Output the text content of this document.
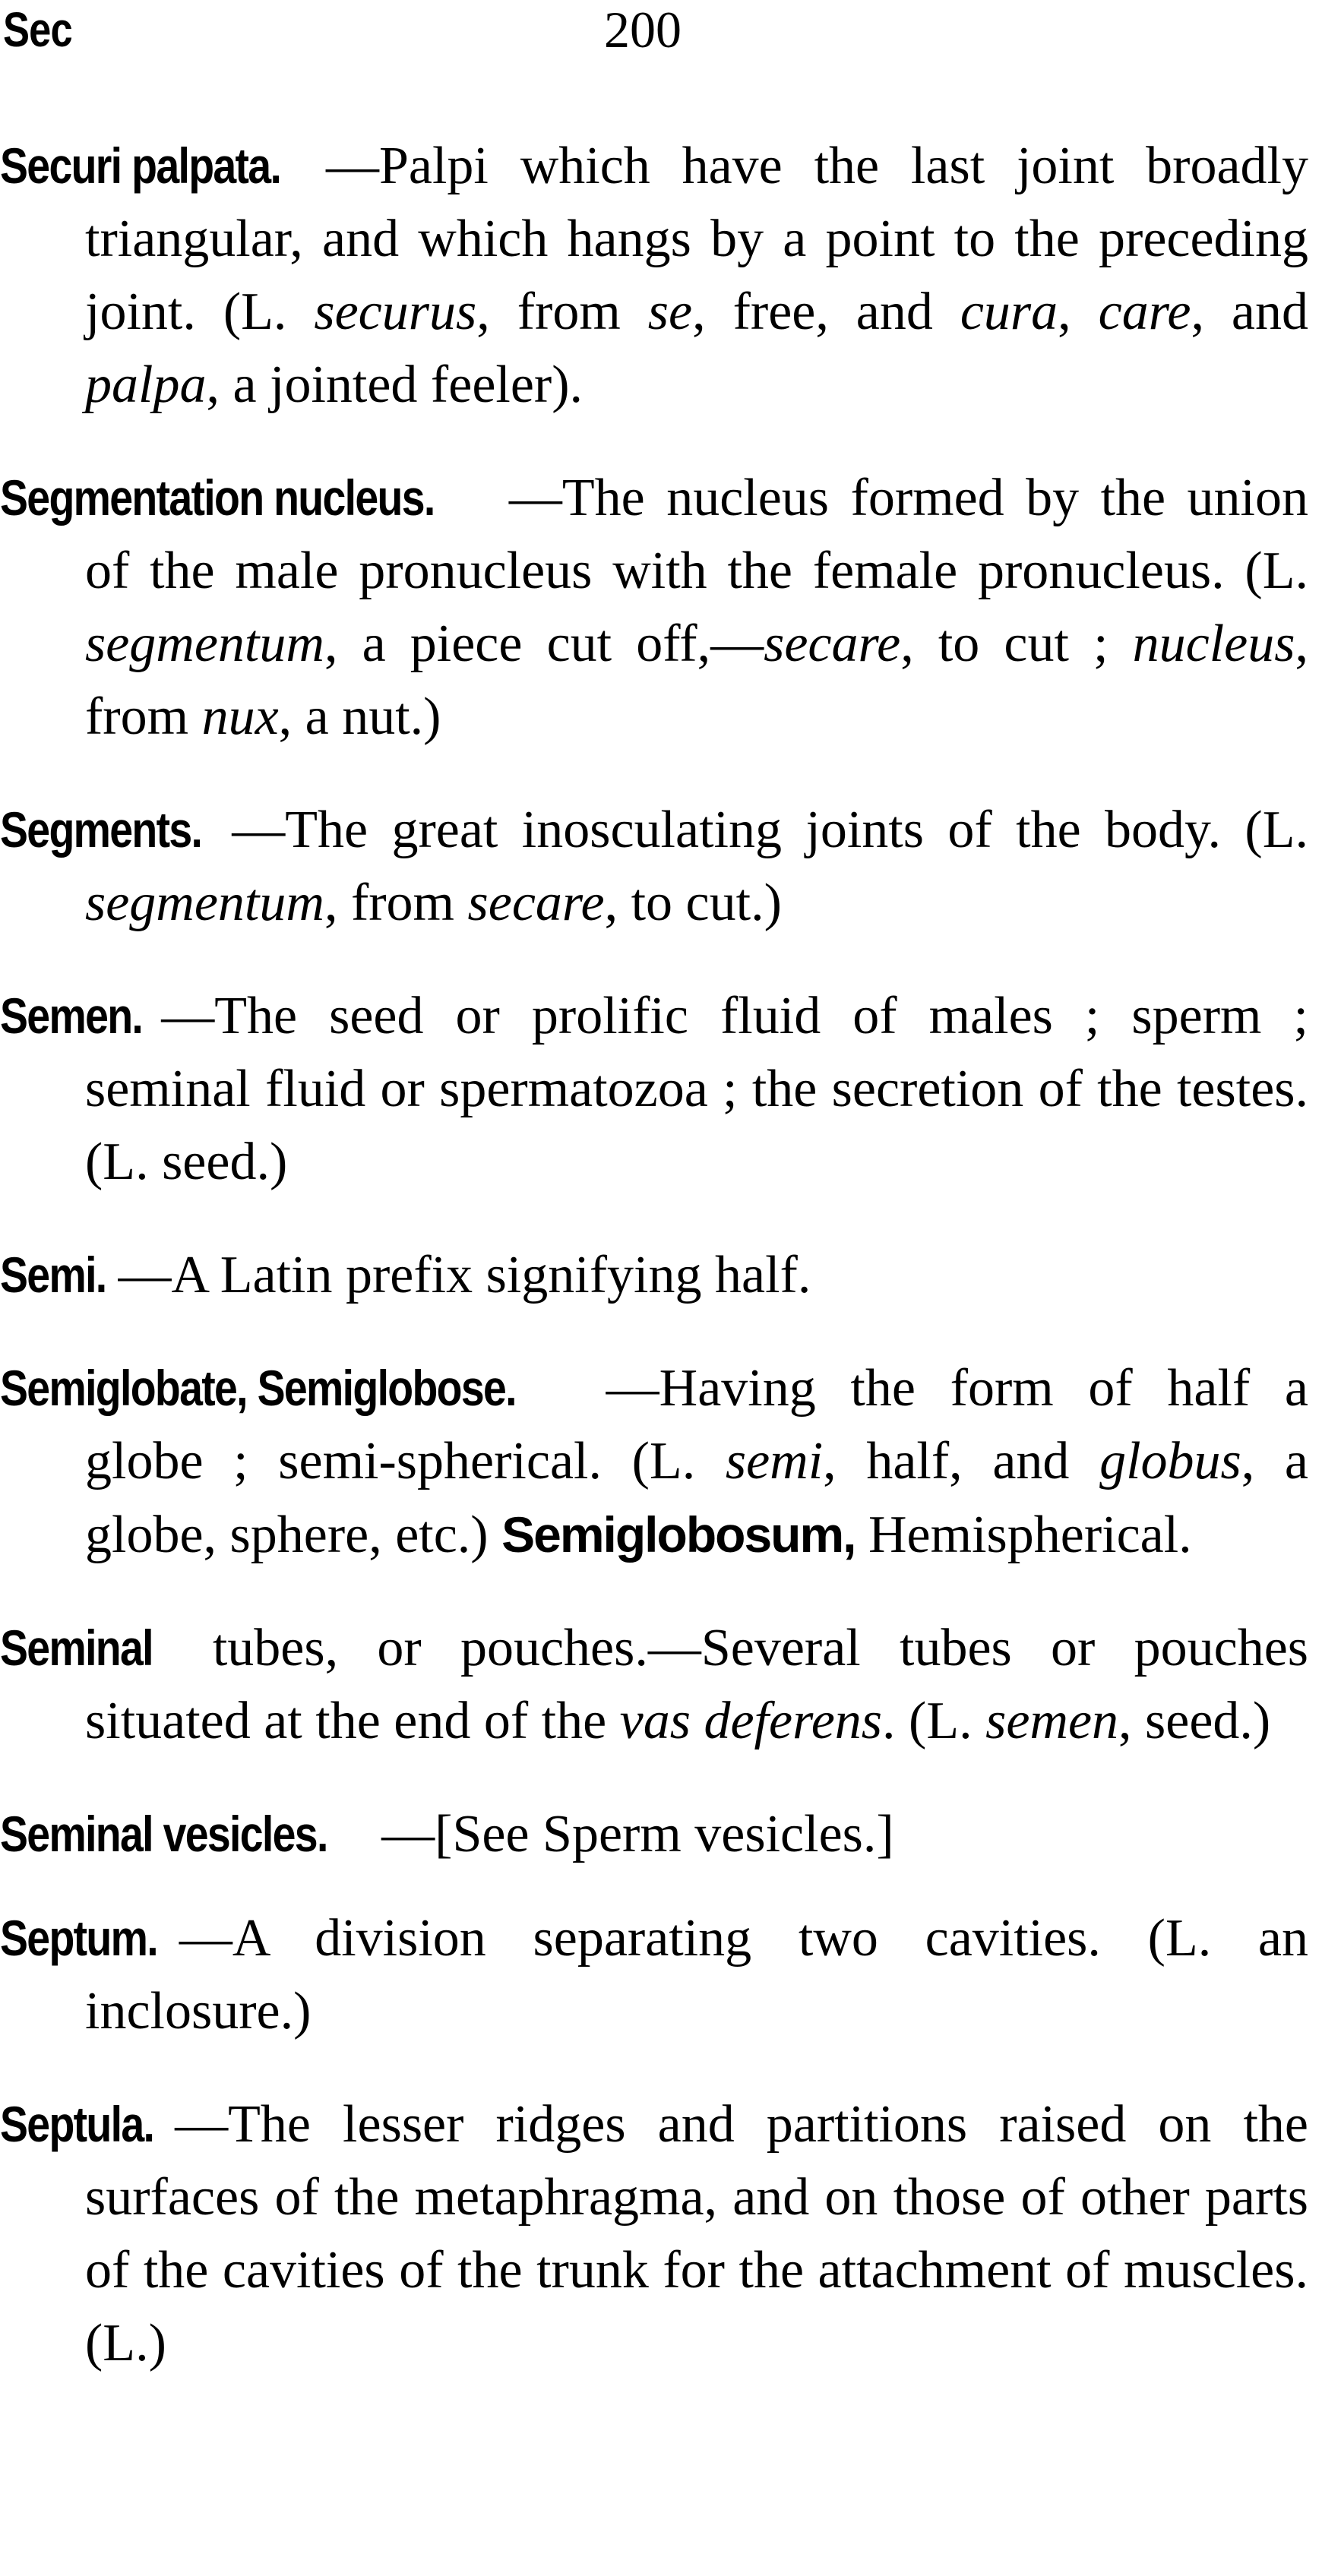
Sec	200

Securi palpata. —Palpi which have the last joint broadly triangular, and which hangs by a point to the preceding joint. (L. securus, from se, free, and cura, care, and palpa, a jointed feeler).

Segmentation nucleus. —The nucleus formed by the union of the male pronucleus with the female pronucleus. (L. segmentum, a piece cut off,—secare, to cut ; nucleus, from nux, a nut.)

Segments. —The great inosculating joints of the body. (L. segmentum, from secare, to cut.)

Semen. —The seed or prolific fluid of males ; sperm ; seminal fluid or spermatozoa ; the secretion of the testes. (L. seed.)

Semi. —A Latin prefix signifying half.

Semiglobate, Semiglobose. —Having the form of half a globe ; semi-spherical. (L. semi, half, and globus, a globe, sphere, etc.) Semiglobosum, Hemispherical.

Seminal tubes, or pouches.—Several tubes or pouches situated at the end of the vas deferens. (L. semen, seed.)

Seminal vesicles. —[See Sperm vesicles.]

Septum. —A division separating two cavities. (L. an inclosure.)

Septula. —The lesser ridges and partitions raised on the surfaces of the metaphragma, and on those of other parts of the cavities of the trunk for the attachment of muscles. (L.)
